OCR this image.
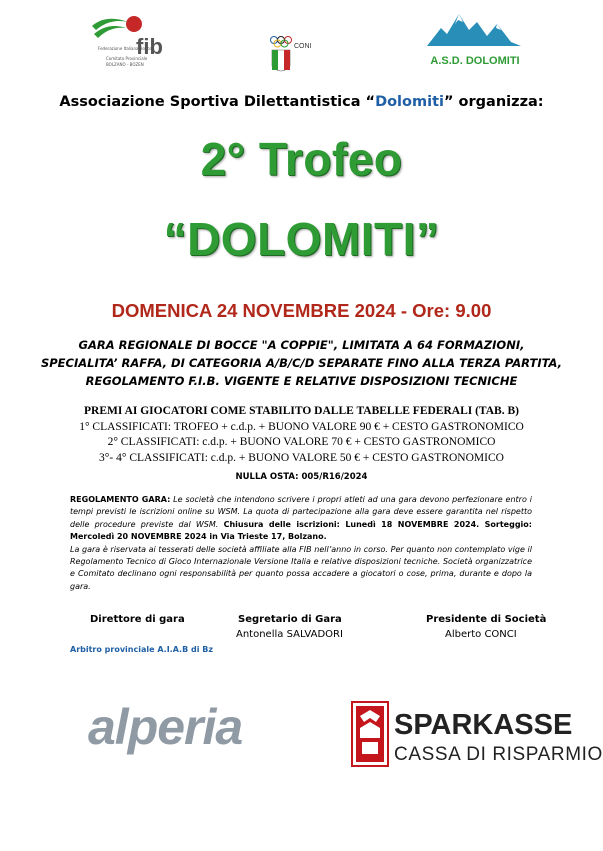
fib
Federazione Italiana Bocce
Comitato Provinciale
BOLZANO - BOZEN
CONI
A.S.D. DOLOMITI
Associazione Sportiva Dilettantistica “Dolomiti” organizza:
2° Trofeo
“DOLOMITI”
DOMENICA 24 NOVEMBRE 2024 - Ore: 9.00
GARA REGIONALE DI BOCCE "A COPPIE", LIMITATA A 64 FORMAZIONI,
SPECIALITA’ RAFFA, DI CATEGORIA A/B/C/D SEPARATE FINO ALLA TERZA PARTITA,
REGOLAMENTO F.I.B. VIGENTE E RELATIVE DISPOSIZIONI TECNICHE
PREMI AI GIOCATORI COME STABILITO DALLE TABELLE FEDERALI (TAB. B)
1° CLASSIFICATI: TROFEO + c.d.p. + BUONO VALORE 90 € + CESTO GASTRONOMICO
2° CLASSIFICATI: c.d.p. + BUONO VALORE 70 € + CESTO GASTRONOMICO
3°- 4° CLASSIFICATI: c.d.p. + BUONO VALORE 50 € + CESTO GASTRONOMICO
NULLA OSTA: 005/R16/2024
REGOLAMENTO GARA: Le società che intendono scrivere i propri atleti ad una gara devono perfezionare entro i tempi previsti le iscrizioni online su WSM. La quota di partecipazione alla gara deve essere garantita nel rispetto delle procedure previste dal WSM. Chiusura delle iscrizioni: Lunedì 18 NOVEMBRE 2024. Sorteggio: Mercoledì 20 NOVEMBRE 2024 in Via Trieste 17, Bolzano.
La gara è riservata ai tesserati delle società affiliate alla FIB nell’anno in corso. Per quanto non contemplato vige il Regolamento Tecnico di Gioco Internazionale Versione Italia e relative disposizioni tecniche. Società organizzatrice e Comitato declinano ogni responsabilità per quanto possa accadere a giocatori o cose, prima, durante e dopo la gara.
Direttore di gara	Segretario di Gara
Antonella SALVADORI
Presidente di Società
Alberto CONCI
Arbitro provinciale A.I.A.B di Bz
alperia	SPARKASSE
CASSA DI RISPARMIO
